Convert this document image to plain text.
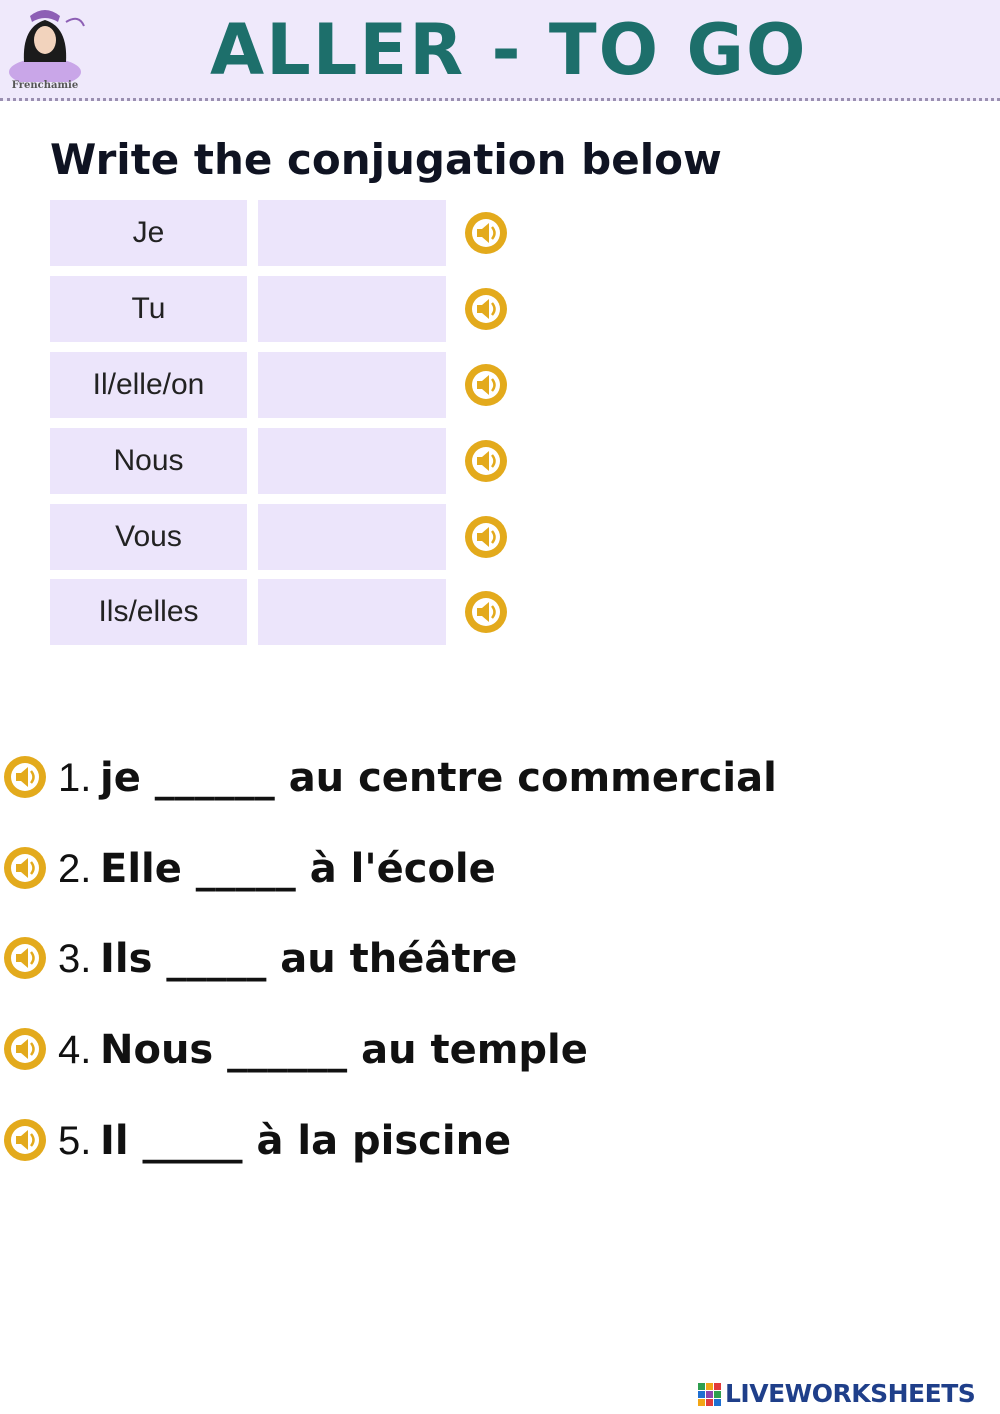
Frenchamie ALLER - TO GO
Write the conjugation below
Je
Tu
Il/elle/on
Nous
Vous
Ils/elles
1. je ______ au centre commercial
2. Elle _____ à l'école
3. Ils _____ au théâtre
4. Nous ______ au temple
5. Il _____ à la piscine
LIVEWORKSHEETS
